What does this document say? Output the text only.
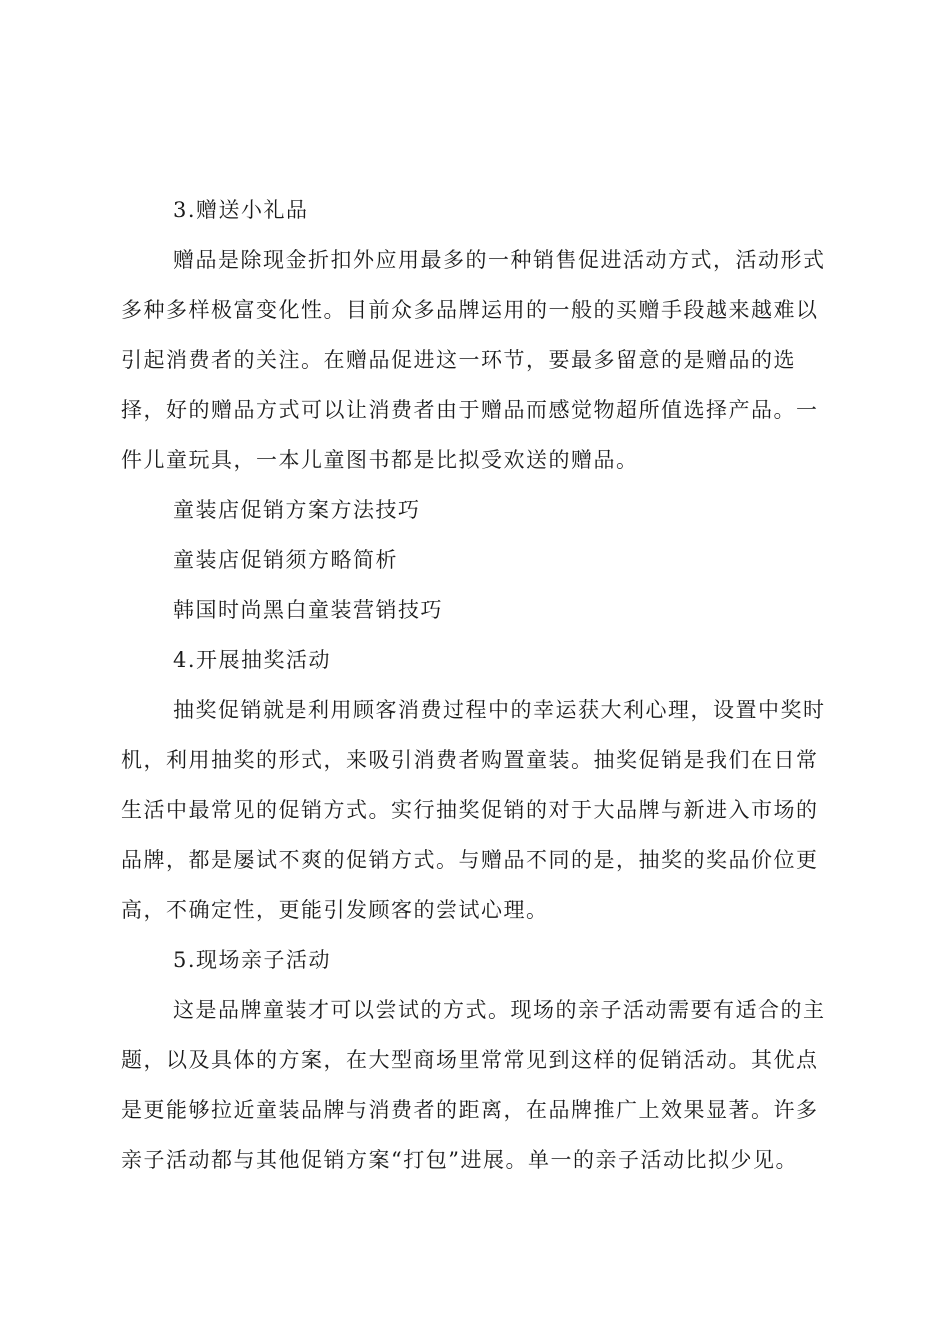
3.赠送小礼品
赠品是除现金折扣外应用最多的一种销售促进活动方式，活动形式
多种多样极富变化性。目前众多品牌运用的一般的买赠手段越来越难以
引起消费者的关注。在赠品促进这一环节，要最多留意的是赠品的选
择，好的赠品方式可以让消费者由于赠品而感觉物超所值选择产品。一
件儿童玩具，一本儿童图书都是比拟受欢送的赠品。
童装店促销方案方法技巧
童装店促销须方略简析
韩国时尚黑白童装营销技巧
4.开展抽奖活动
抽奖促销就是利用顾客消费过程中的幸运获大利心理，设置中奖时
机，利用抽奖的形式，来吸引消费者购置童装。抽奖促销是我们在日常
生活中最常见的促销方式。实行抽奖促销的对于大品牌与新进入市场的
品牌，都是屡试不爽的促销方式。与赠品不同的是，抽奖的奖品价位更
高，不确定性，更能引发顾客的尝试心理。
5.现场亲子活动
这是品牌童装才可以尝试的方式。现场的亲子活动需要有适合的主
题，以及具体的方案，在大型商场里常常见到这样的促销活动。其优点
是更能够拉近童装品牌与消费者的距离，在品牌推广上效果显著。许多
亲子活动都与其他促销方案“打包”进展。单一的亲子活动比拟少见。
